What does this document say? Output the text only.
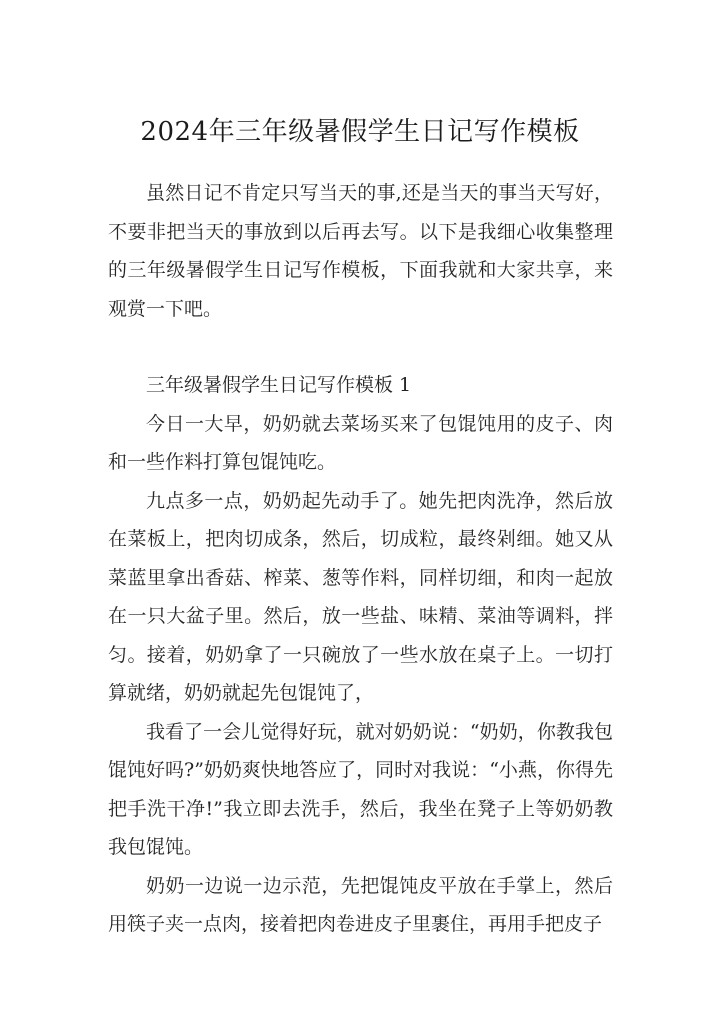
2024年三年级暑假学生日记写作模板

虽然日记不肯定只写当天的事,还是当天的事当天写好，不要非把当天的事放到以后再去写。以下是我细心收集整理的三年级暑假学生日记写作模板，下面我就和大家共享，来观赏一下吧。

三年级暑假学生日记写作模板 1

今日一大早，奶奶就去菜场买来了包馄饨用的皮子、肉和一些作料打算包馄饨吃。

九点多一点，奶奶起先动手了。她先把肉洗净，然后放在菜板上，把肉切成条，然后，切成粒，最终剁细。她又从菜蓝里拿出香菇、榨菜、葱等作料，同样切细，和肉一起放在一只大盆子里。然后，放一些盐、味精、菜油等调料，拌匀。接着，奶奶拿了一只碗放了一些水放在桌子上。一切打算就绪，奶奶就起先包馄饨了，

我看了一会儿觉得好玩，就对奶奶说：“奶奶，你教我包馄饨好吗?”奶奶爽快地答应了，同时对我说：“小燕，你得先把手洗干净!”我立即去洗手，然后，我坐在凳子上等奶奶教我包馄饨。

奶奶一边说一边示范，先把馄饨皮平放在手掌上，然后用筷子夹一点肉，接着把肉卷进皮子里裹住，再用手把皮子
